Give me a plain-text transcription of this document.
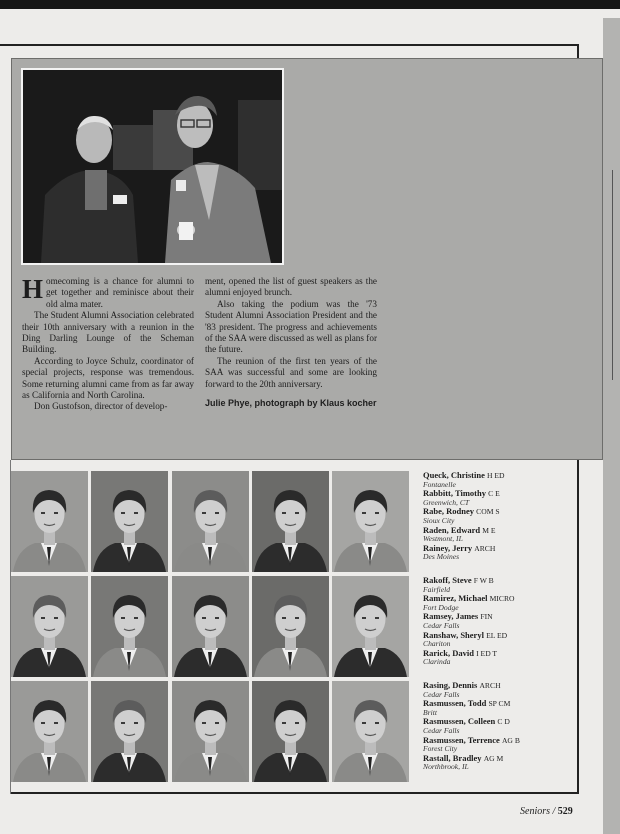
Homecoming is a chance for alumni to get together and reminisce about their old alma mater.

The Student Alumni Association celebrated their 10th anniversary with a reunion in the Ding Darling Lounge of the Scheman Building.

According to Joyce Schulz, coordinator of special projects, response was tremendous. Some returning alumni came from as far away as California and North Carolina.

Don Gustofson, director of develop-

ment, opened the list of guest speakers as the alumni enjoyed brunch.

Also taking the podium was the '73 Student Alumni Association President and the '83 president. The progress and achievements of the SAA were discussed as well as plans for the future.

The reunion of the first ten years of the SAA was successful and some are looking forward to the 20th anniversary.

Julie Phye, photograph by Klaus kocher
Queck, Christine H ED
Fontanelle
Rabbitt, Timothy C E
Greenwich, CT
Rabe, Rodney COM S
Sioux City
Raden, Edward M E
Westmont, IL
Rainey, Jerry ARCH
Des Moines
Rakoff, Steve F W B
Fairfield
Ramirez, Michael MICRO
Fort Dodge
Ramsey, James FIN
Cedar Falls
Ranshaw, Sheryl EL ED
Chariton
Rarick, David I ED T
Clarinda
Rasing, Dennis ARCH
Cedar Falls
Rasmussen, Todd SP CM
Britt
Rasmussen, Colleen C D
Cedar Falls
Rasmussen, Terrence AG B
Forest City
Rastall, Bradley AG M
Northbrook, IL
Seniors / 529
